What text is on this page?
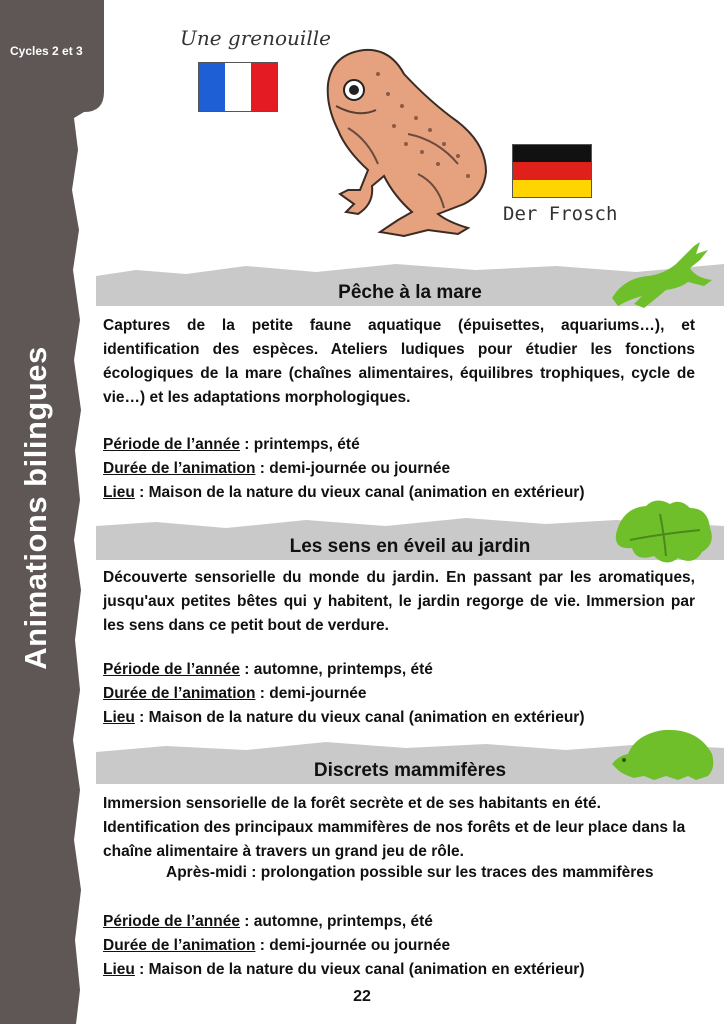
Cycles 2 et 3
Animations bilingues
Une grenouille
Der Frosch
Pêche à la mare

Captures de la petite faune aquatique (épuisettes, aquariums…), et identification des espèces. Ateliers ludiques pour étudier les fonctions écologiques de la mare (chaînes alimentaires, équilibres trophiques, cycle de vie…) et les adaptations morphologiques.

Période de l’année : printemps, été
Durée de l’animation : demi-journée ou journée
Lieu : Maison de la nature du vieux canal (animation en extérieur)
Les sens en éveil au jardin

Découverte sensorielle du monde du jardin. En passant par les aromatiques, jusqu'aux petites bêtes qui y habitent, le jardin regorge de vie. Immersion par les sens dans ce petit bout de verdure.

Période de l’année : automne, printemps, été
Durée de l’animation : demi-journée
Lieu : Maison de la nature du vieux canal (animation en extérieur)
Discrets mammifères

Immersion sensorielle de la forêt secrète et de ses habitants en été. Identification des principaux mammifères de nos forêts et de leur place dans la chaîne alimentaire à travers un grand jeu de rôle.

Après-midi : prolongation possible sur les traces des mammifères
Période de l’année : automne, printemps, été
Durée de l’animation : demi-journée ou journée
Lieu : Maison de la nature du vieux canal (animation en extérieur)
22
